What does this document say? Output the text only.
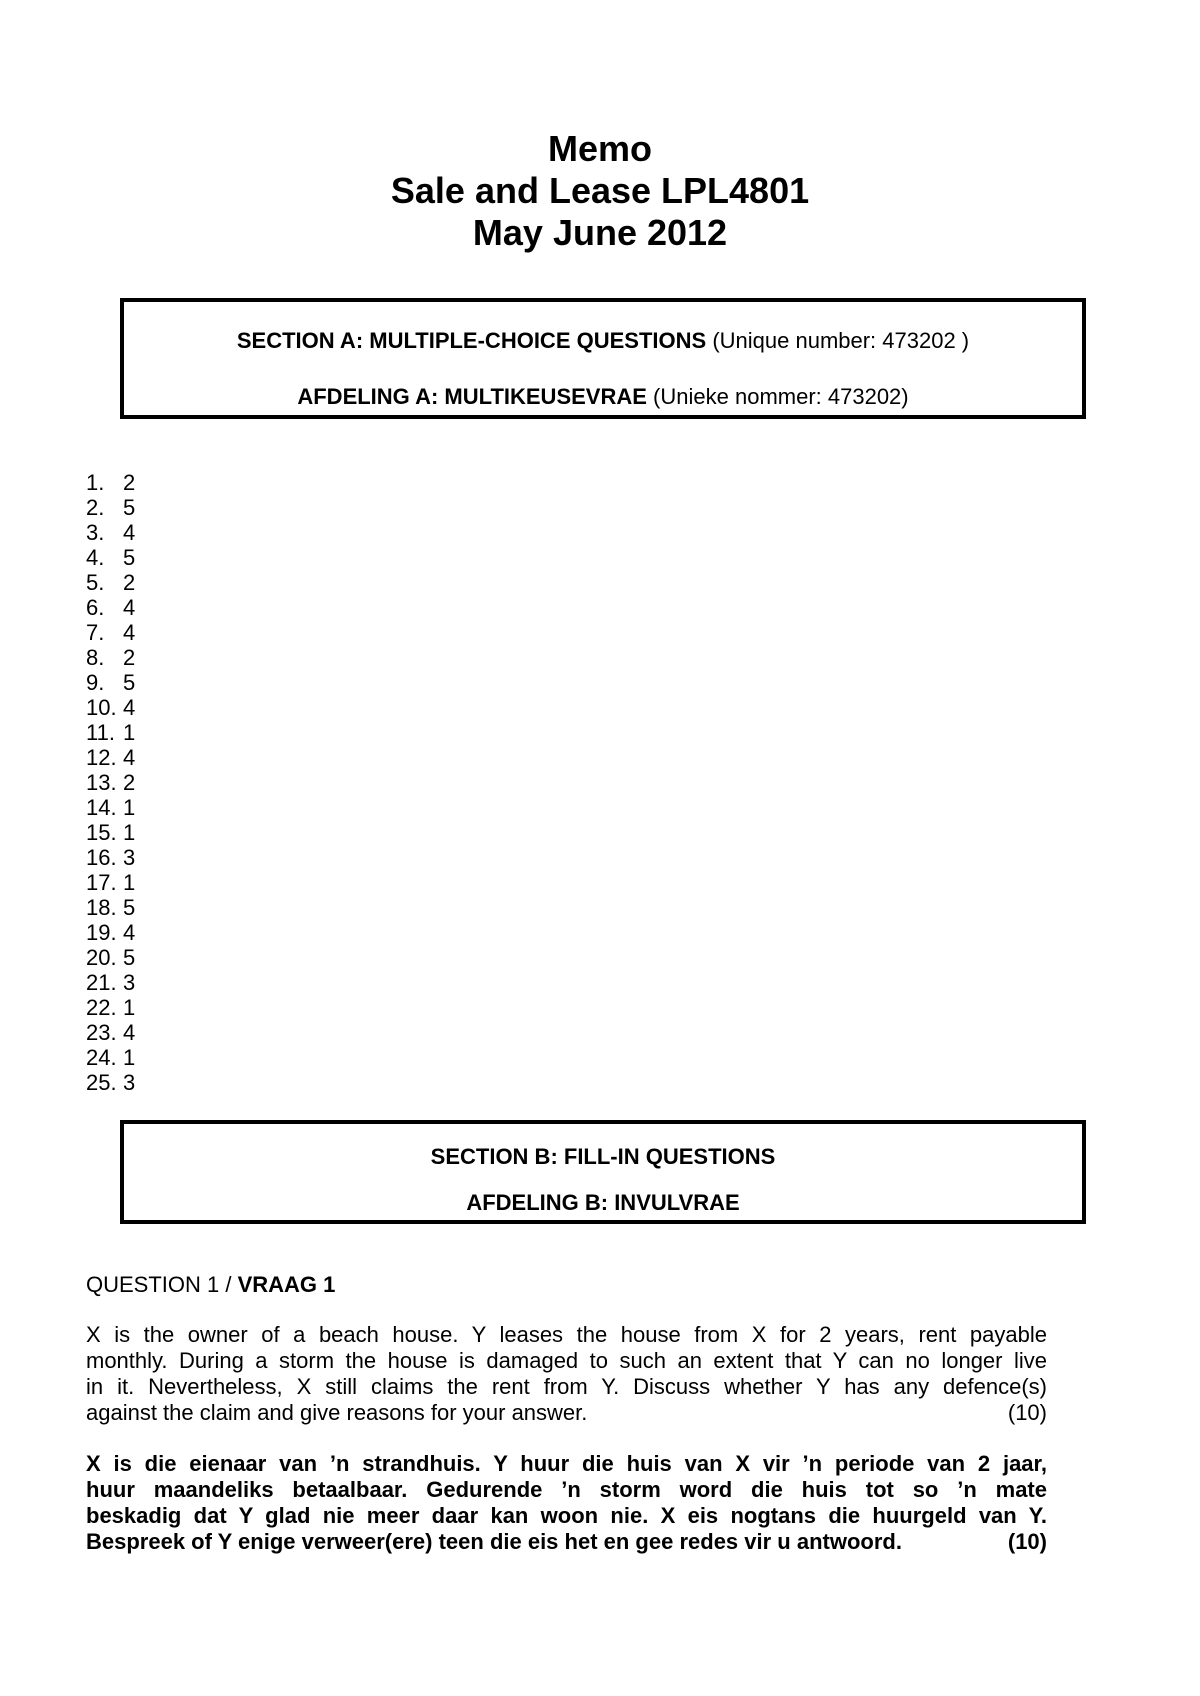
Memo
Sale and Lease LPL4801
May June 2012
SECTION A: MULTIPLE-CHOICE QUESTIONS (Unique number: 473202 )
AFDELING A: MULTIKEUSEVRAE (Unieke nommer: 473202)
1. 2
2. 5
3. 4
4. 5
5. 2
6. 4
7. 4
8. 2
9. 5
10. 4
11. 1
12. 4
13. 2
14. 1
15. 1
16. 3
17. 1
18. 5
19. 4
20. 5
21. 3
22. 1
23. 4
24. 1
25. 3
SECTION B: FILL-IN QUESTIONS
AFDELING B: INVULVRAE
QUESTION 1 / VRAAG 1
X is the owner of a beach house. Y leases the house from X for 2 years, rent payable
monthly. During a storm the house is damaged to such an extent that Y can no longer live
in it. Nevertheless, X still claims the rent from Y. Discuss whether Y has any defence(s)
against the claim and give reasons for your answer.	(10)
X is die eienaar van ’n strandhuis. Y huur die huis van X vir ’n periode van 2 jaar,
huur maandeliks betaalbaar. Gedurende ’n storm word die huis tot so ’n mate
beskadig dat Y glad nie meer daar kan woon nie. X eis nogtans die huurgeld van Y.
Bespreek of Y enige verweer(ere) teen die eis het en gee redes vir u antwoord.	(10)
